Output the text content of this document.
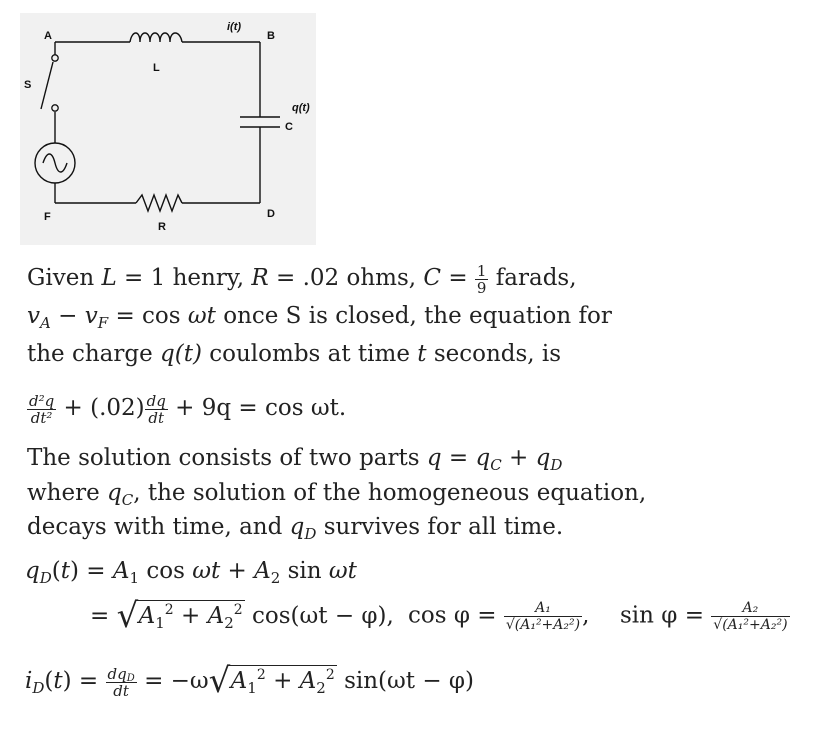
A	B
S
L
C
D
F
R
i(t)
q(t)
Given L = 1 henry, R = .02 ohms, $C = \frac{1}{9}$ farads,
$v_A - v_F = \cos \omega t$ once S is closed, the equation for
the charge q(t) coulombs at time t seconds, is
$\frac{\text{d²q}}{\text{dt²}} + (.02) \frac{dq}{dt} + 9q = \cos \omega t$.
The solution consists of two parts $q = q_C + q_D$
where $q_C$, the solution of the homogeneous equation,
decays with time, and $q_D$ survives for all time.
$q_D(t) = A_1$ $\cos \omega t + A_2$ sin ωt
= √ $A_1^2 + A_2^2$ cos(ωt − φ), $\cos \varphi = \frac{\text{A₁}}{\text{√(A₁²+A₂²)}}$ , $\sin \varphi = \frac{\text{A₂}}{\text{√(A₁²+A₂²)}}$
$i_D(t) = \frac{dq_D}{dt} = -\omega$ √ $A_1^2 + A_2^2$ sin(ωt − φ)
